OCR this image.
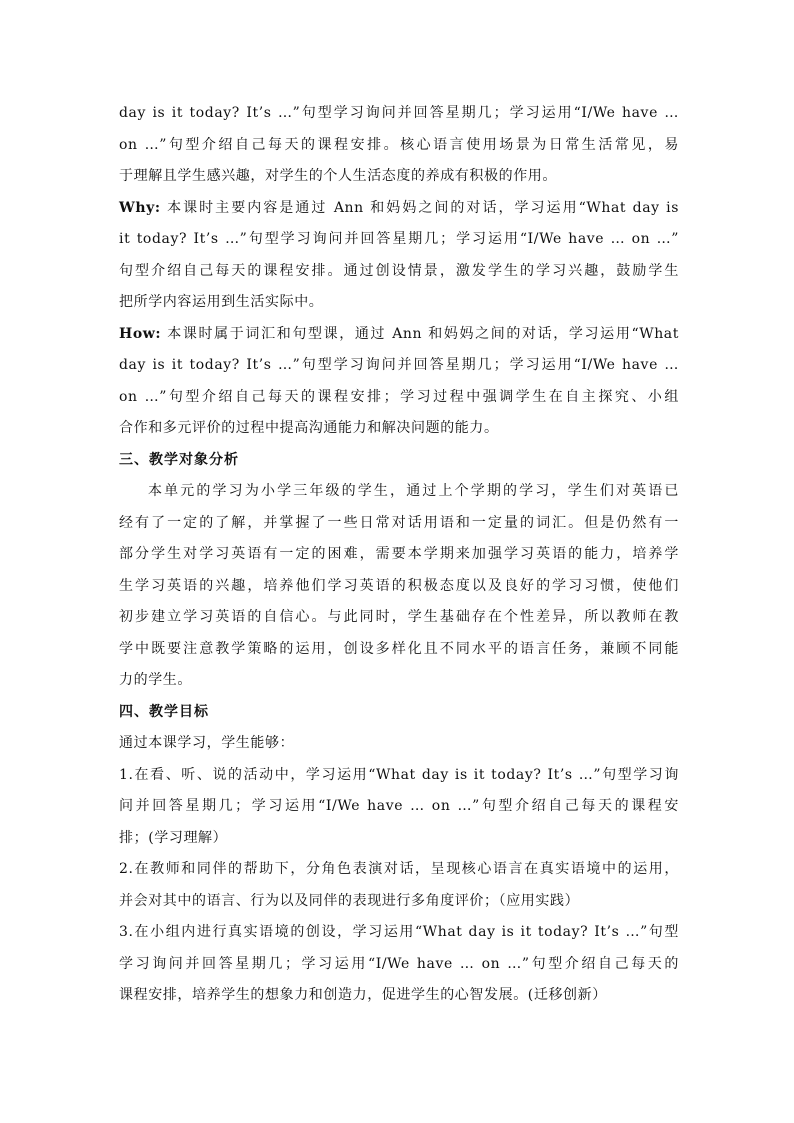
day is it today? It’s …”句型学习询问并回答星期几；学习运用“I/We have …
on …”句型介绍自己每天的课程安排。核心语言使用场景为日常生活常见，易
于理解且学生感兴趣，对学生的个人生活态度的养成有积极的作用。
Why: 本课时主要内容是通过 Ann 和妈妈之间的对话，学习运用“What day is
it today? It’s …”句型学习询问并回答星期几；学习运用“I/We have … on …”
句型介绍自己每天的课程安排。通过创设情景，激发学生的学习兴趣，鼓励学生
把所学内容运用到生活实际中。
How: 本课时属于词汇和句型课，通过 Ann 和妈妈之间的对话，学习运用“What
day is it today? It’s …”句型学习询问并回答星期几；学习运用“I/We have …
on …”句型介绍自己每天的课程安排；学习过程中强调学生在自主探究、小组
合作和多元评价的过程中提高沟通能力和解决问题的能力。
三、教学对象分析
本单元的学习为小学三年级的学生，通过上个学期的学习，学生们对英语已
经有了一定的了解，并掌握了一些日常对话用语和一定量的词汇。但是仍然有一
部分学生对学习英语有一定的困难，需要本学期来加强学习英语的能力，培养学
生学习英语的兴趣，培养他们学习英语的积极态度以及良好的学习习惯，使他们
初步建立学习英语的自信心。与此同时，学生基础存在个性差异，所以教师在教
学中既要注意教学策略的运用，创设多样化且不同水平的语言任务，兼顾不同能
力的学生。
四、教学目标
通过本课学习，学生能够：
1.在看、听、说的活动中，学习运用“What day is it today? It’s …”句型学习询
问并回答星期几；学习运用“I/We have … on …”句型介绍自己每天的课程安
排；(学习理解）
2.在教师和同伴的帮助下，分角色表演对话，呈现核心语言在真实语境中的运用，
并会对其中的语言、行为以及同伴的表现进行多角度评价；（应用实践）
3.在小组内进行真实语境的创设，学习运用“What day is it today? It’s …”句型
学习询问并回答星期几；学习运用“I/We have … on …”句型介绍自己每天的
课程安排，培养学生的想象力和创造力，促进学生的心智发展。(迁移创新）
